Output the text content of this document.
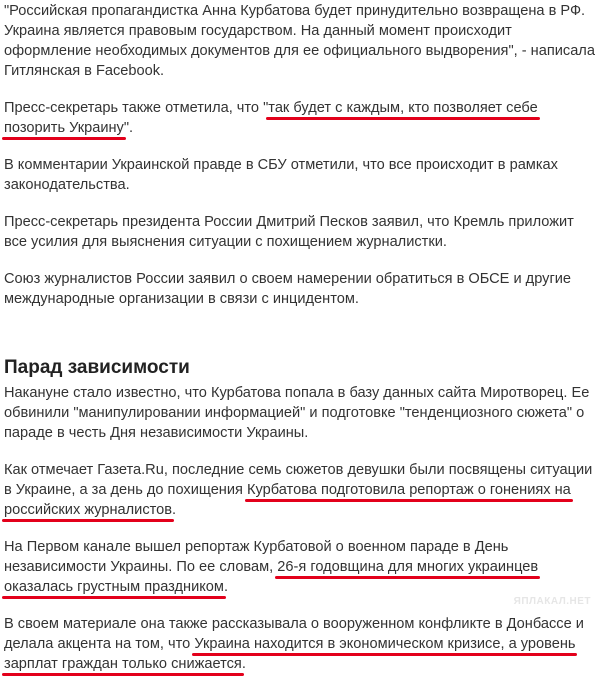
"Российская пропагандистка Анна Курбатова будет принудительно возвращена в РФ.
Украина является правовым государством. На данный момент происходит
оформление необходимых документов для ее официального выдворения", - написала
Гитлянская в Facebook.

Пресс-секретарь также отметила, что "так будет с каждым, кто позволяет себе
позорить Украину".

В комментарии Украинской правде в СБУ отметили, что все происходит в рамках
законодательства.

Пресс-секретарь президента России Дмитрий Песков заявил, что Кремль приложит
все усилия для выяснения ситуации с похищением журналистки.

Союз журналистов России заявил о своем намерении обратиться в ОБСЕ и другие
международные организации в связи с инцидентом.

Парад зависимости

Накануне стало известно, что Курбатова попала в базу данных сайта Миротворец. Ее
обвинили "манипулировании информацией" и подготовке "тенденциозного сюжета" о
параде в честь Дня независимости Украины.

Как отмечает Газета.Ru, последние семь сюжетов девушки были посвящены ситуации
в Украине, а за день до похищения Курбатова подготовила репортаж о гонениях на
российских журналистов.

На Первом канале вышел репортаж Курбатовой о военном параде в День
независимости Украины. По ее словам, 26-я годовщина для многих украинцев
оказалась грустным праздником.

В своем материале она также рассказывала о вооруженном конфликте в Донбассе и
делала акцента на том, что Украина находится в экономическом кризисе, а уровень
зарплат граждан только снижается.

ЯПЛАКАЛ.НЕТ
